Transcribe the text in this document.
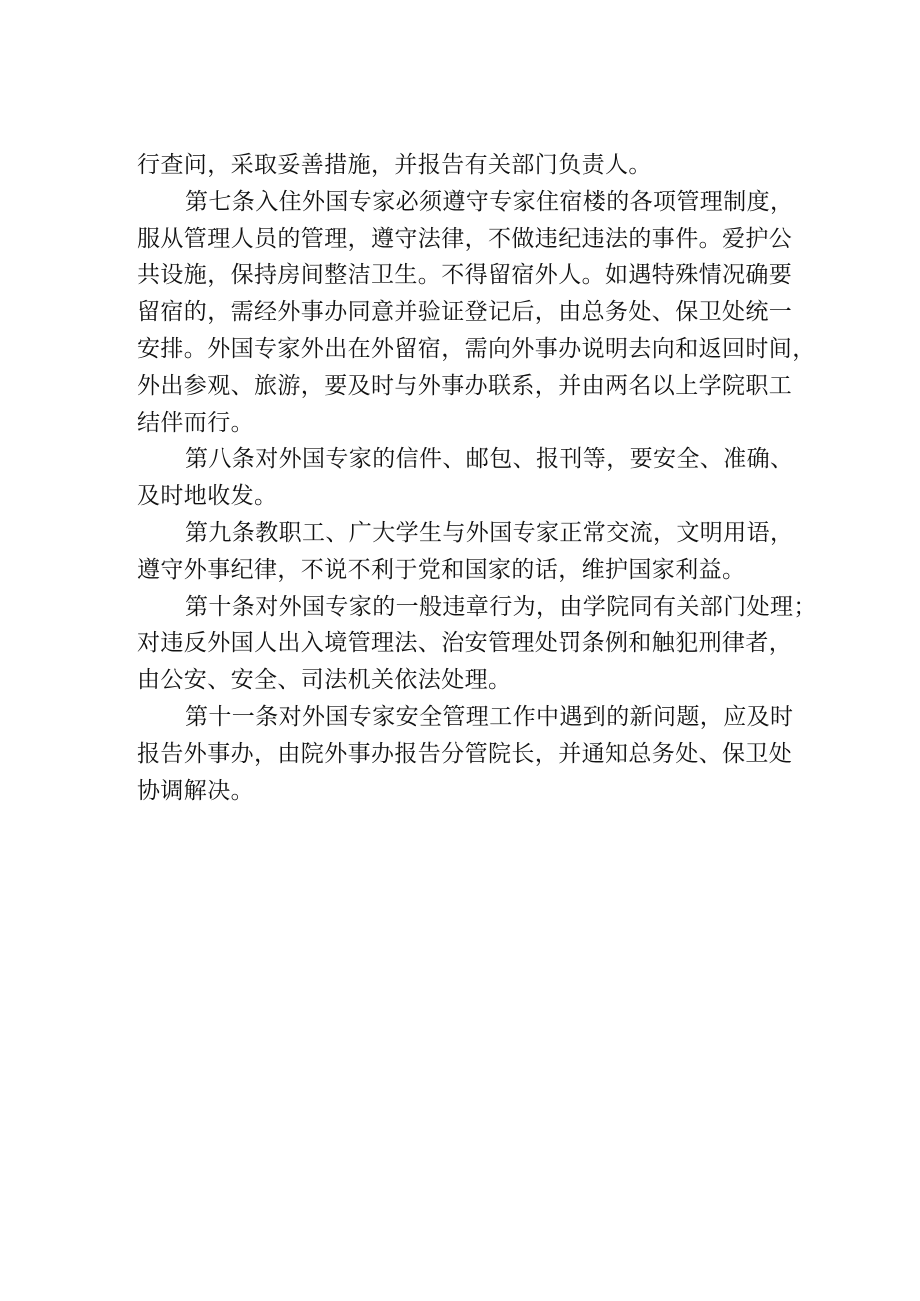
行查问，采取妥善措施，并报告有关部门负责人。
第七条入住外国专家必须遵守专家住宿楼的各项管理制度，
服从管理人员的管理，遵守法律，不做违纪违法的事件。爱护公
共设施，保持房间整洁卫生。不得留宿外人。如遇特殊情况确要
留宿的，需经外事办同意并验证登记后，由总务处、保卫处统一
安排。外国专家外出在外留宿，需向外事办说明去向和返回时间，
外出参观、旅游，要及时与外事办联系，并由两名以上学院职工
结伴而行。
第八条对外国专家的信件、邮包、报刊等，要安全、准确、
及时地收发。
第九条教职工、广大学生与外国专家正常交流，文明用语，
遵守外事纪律，不说不利于党和国家的话，维护国家利益。
第十条对外国专家的一般违章行为，由学院同有关部门处理；
对违反外国人出入境管理法、治安管理处罚条例和触犯刑律者，
由公安、安全、司法机关依法处理。
第十一条对外国专家安全管理工作中遇到的新问题，应及时
报告外事办，由院外事办报告分管院长，并通知总务处、保卫处
协调解决。
